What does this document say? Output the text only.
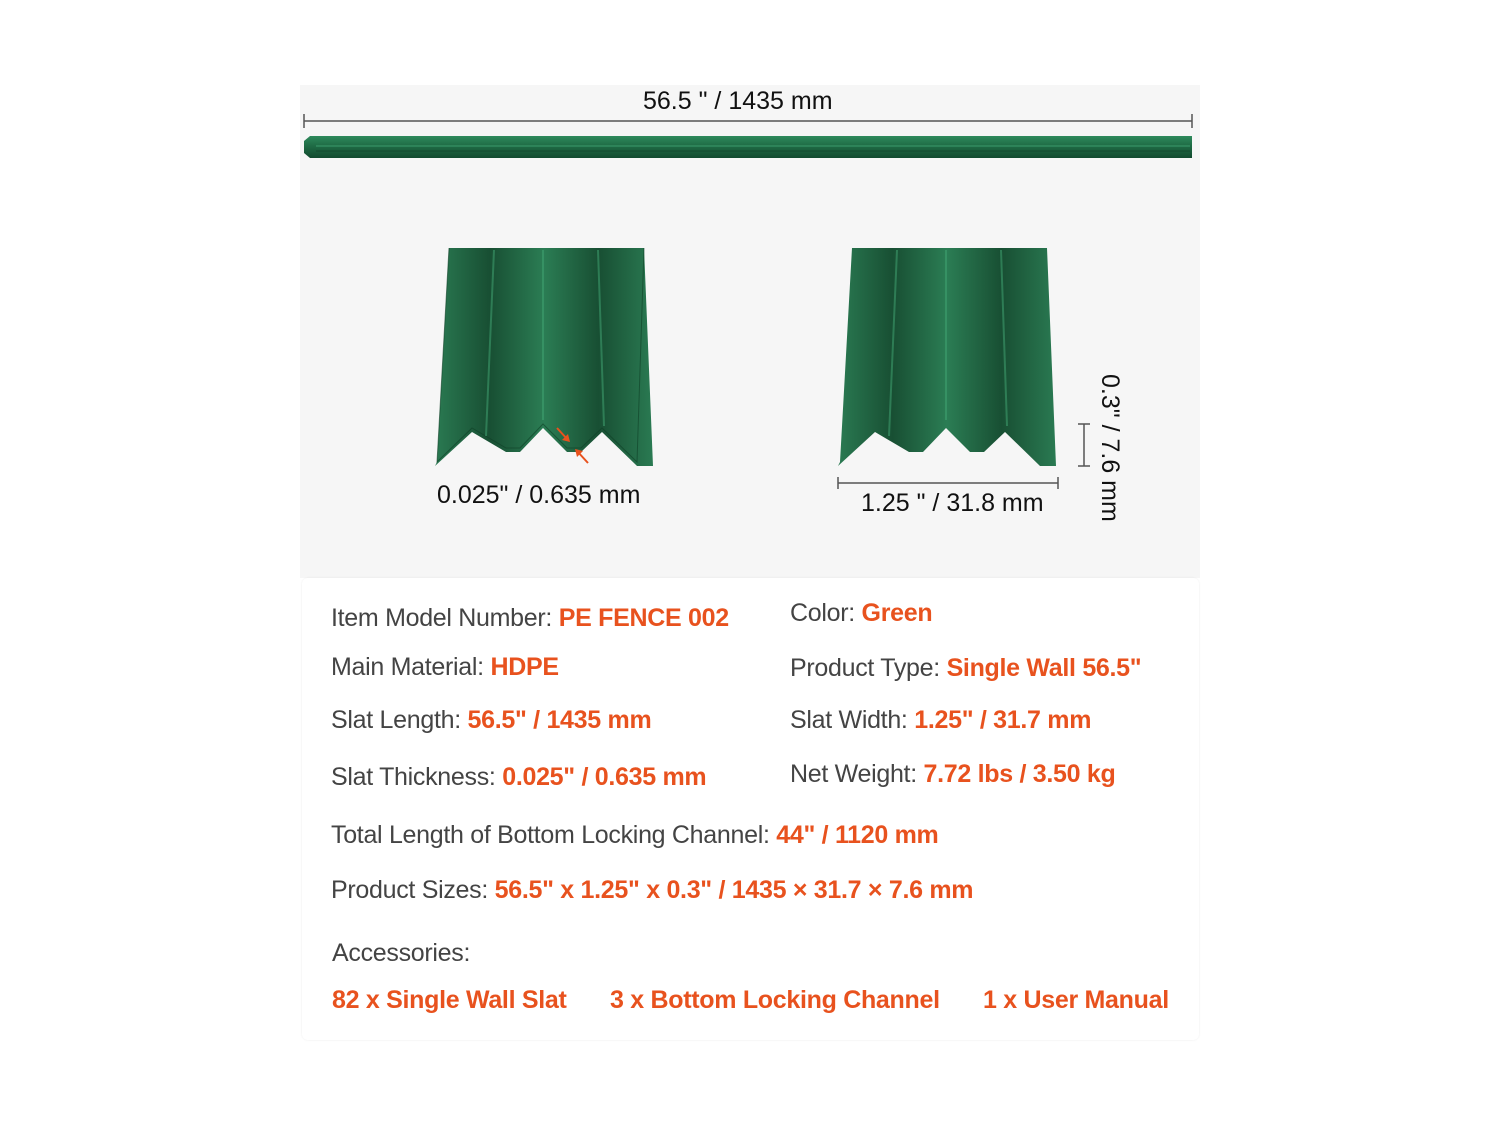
56.5 " / 1435 mm
0.025" / 0.635 mm	1.25 " / 31.8 mm 0.3" / 7.6 mm
Item Model Number: PE FENCE 002 Color: Green
Main Material: HDPE	Product Type: Single Wall 56.5"
Slat Length: 56.5" / 1435 mm	Slat Width: 1.25" / 31.7 mm
Slat Thickness: 0.025" / 0.635 mm	Net Weight: 7.72 lbs / 3.50 kg
Total Length of Bottom Locking Channel: 44" / 1120 mm
Product Sizes: 56.5" x 1.25" x 0.3" / 1435 × 31.7 × 7.6 mm
Accessories:
82 x Single Wall Slat 3 x Bottom Locking Channel 1 x User Manual
